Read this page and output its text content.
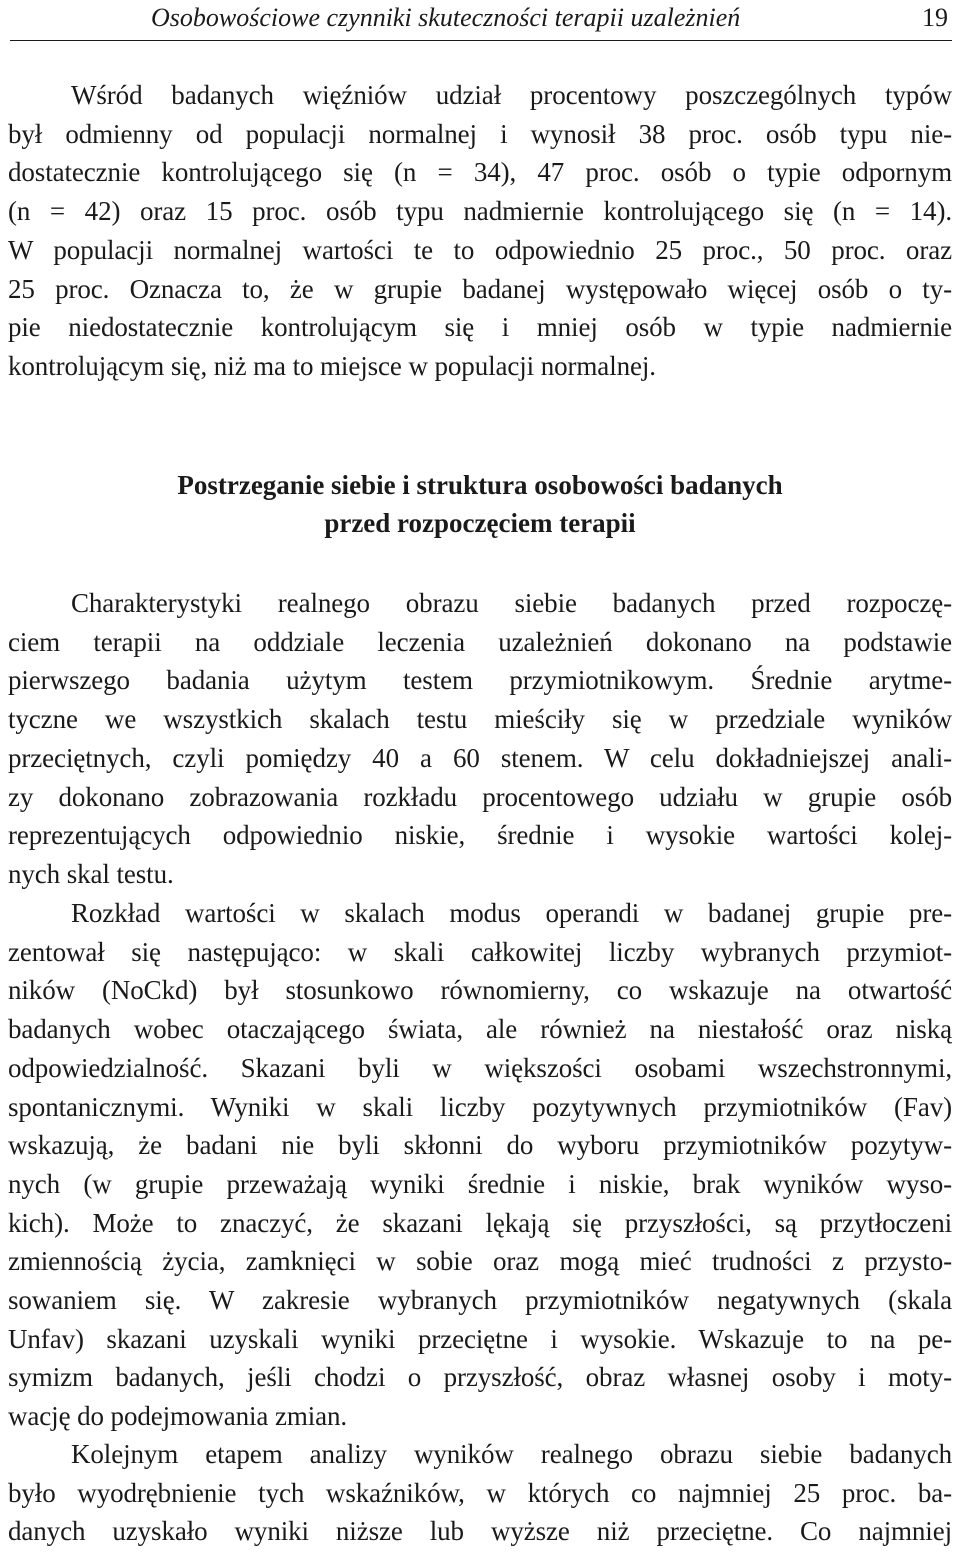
Osobowościowe czynniki skuteczności terapii uzależnień	19
Wśród badanych więźniów udział procentowy poszczególnych typów
był odmienny od populacji normalnej i wynosił 38 proc. osób typu nie-
dostatecznie kontrolującego się (n = 34), 47 proc. osób o typie odpornym
(n = 42) oraz 15 proc. osób typu nadmiernie kontrolującego się (n = 14).
W populacji normalnej wartości te to odpowiednio 25 proc., 50 proc. oraz
25 proc. Oznacza to, że w grupie badanej występowało więcej osób o ty-
pie niedostatecznie kontrolującym się i mniej osób w typie nadmiernie
kontrolującym się, niż ma to miejsce w populacji normalnej.
Postrzeganie siebie i struktura osobowości badanych
przed rozpoczęciem terapii
Charakterystyki realnego obrazu siebie badanych przed rozpoczę-
ciem terapii na oddziale leczenia uzależnień dokonano na podstawie
pierwszego badania użytym testem przymiotnikowym. Średnie arytme-
tyczne we wszystkich skalach testu mieściły się w przedziale wyników
przeciętnych, czyli pomiędzy 40 a 60 stenem. W celu dokładniejszej anali-
zy dokonano zobrazowania rozkładu procentowego udziału w grupie osób
reprezentujących odpowiednio niskie, średnie i wysokie wartości kolej-
nych skal testu.
Rozkład wartości w skalach modus operandi w badanej grupie pre-
zentował się następująco: w skali całkowitej liczby wybranych przymiot-
ników (NoCkd) był stosunkowo równomierny, co wskazuje na otwartość
badanych wobec otaczającego świata, ale również na niestałość oraz niską
odpowiedzialność. Skazani byli w większości osobami wszechstronnymi,
spontanicznymi. Wyniki w skali liczby pozytywnych przymiotników (Fav)
wskazują, że badani nie byli skłonni do wyboru przymiotników pozytyw-
nych (w grupie przeważają wyniki średnie i niskie, brak wyników wyso-
kich). Może to znaczyć, że skazani lękają się przyszłości, są przytłoczeni
zmiennością życia, zamknięci w sobie oraz mogą mieć trudności z przysto-
sowaniem się. W zakresie wybranych przymiotników negatywnych (skala
Unfav) skazani uzyskali wyniki przeciętne i wysokie. Wskazuje to na pe-
symizm badanych, jeśli chodzi o przyszłość, obraz własnej osoby i moty-
wację do podejmowania zmian.
Kolejnym etapem analizy wyników realnego obrazu siebie badanych
było wyodrębnienie tych wskaźników, w których co najmniej 25 proc. ba-
danych uzyskało wyniki niższe lub wyższe niż przeciętne. Co najmniej
